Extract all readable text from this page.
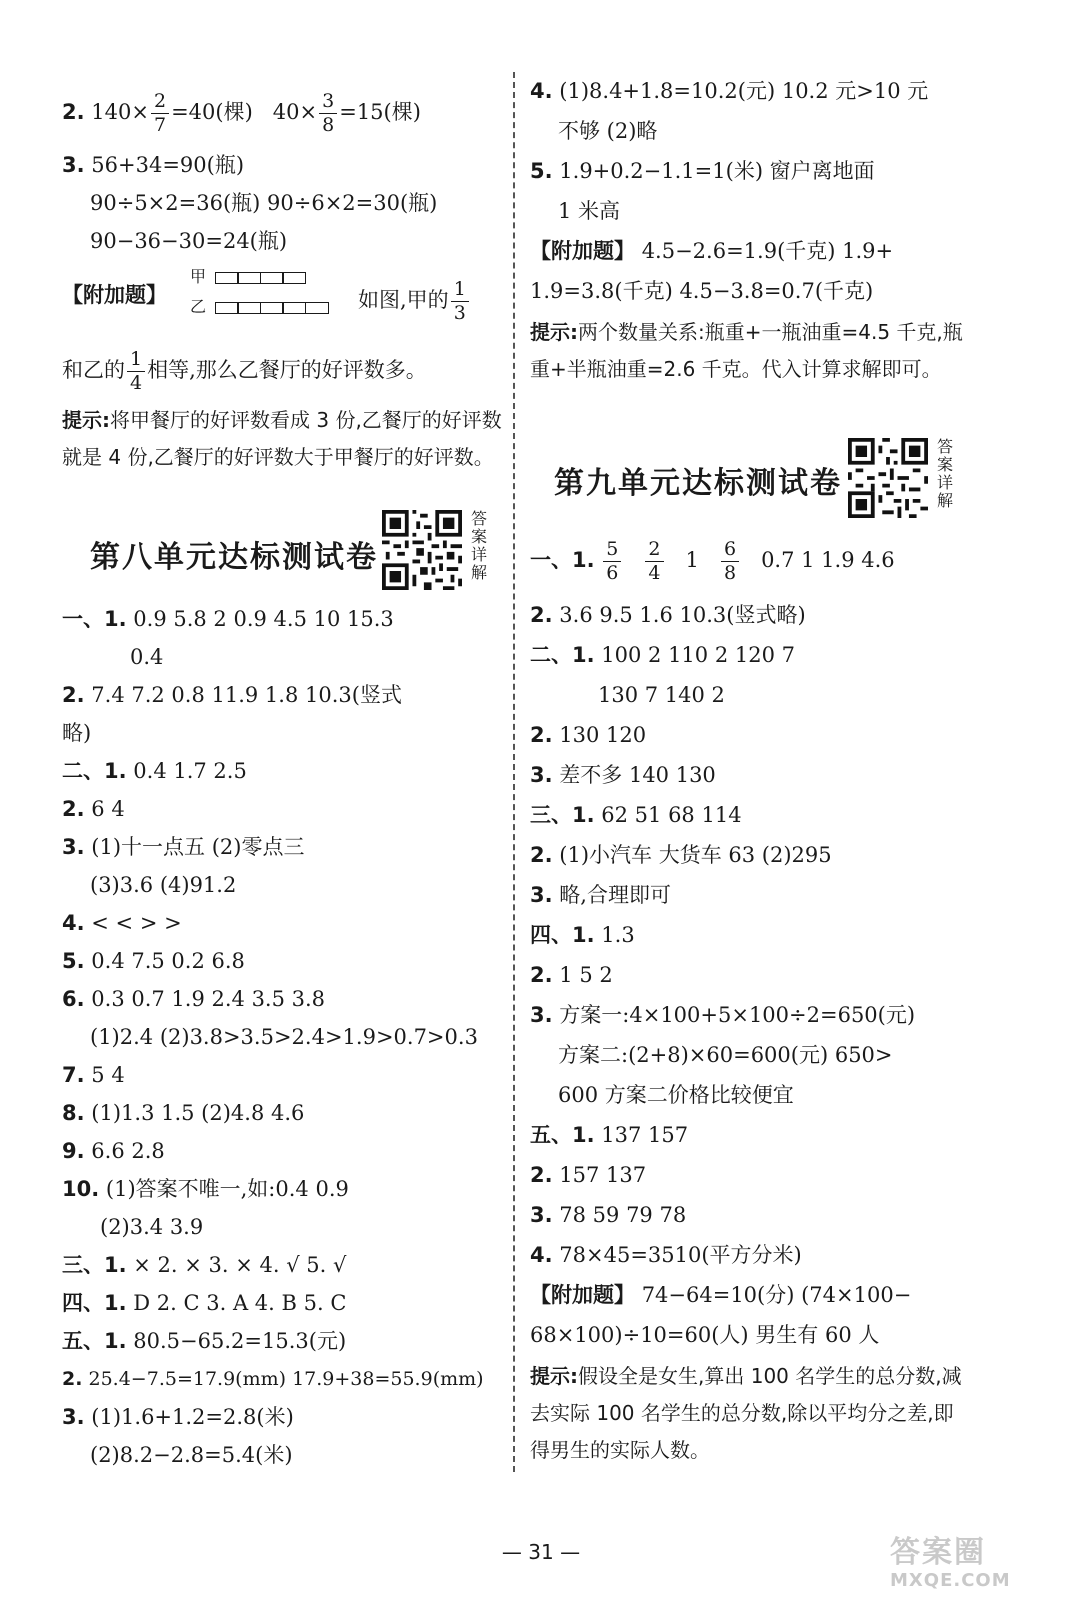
2. $140\times \frac{2}{7} =40$(棵) $40\times \frac{3}{8} =15$(棵)
3. 56+34=90(瓶)
90÷5×2=36(瓶) 90÷6×2=30(瓶)
90−36−30=24(瓶)
【附加题】
甲
乙	如图,甲的 $\frac{1}{3}$
和乙的 $\frac{1}{4}$ 相等,那么乙餐厅的好评数多。
提示:将甲餐厅的好评数看成 3 份,乙餐厅的好评数就是 4 份,乙餐厅的好评数大于甲餐厅的好评数。
第八单元达标测试卷
答案详解
一、1. 0.9 5.8 2 0.9 4.5 10 15.3
0.4
2. 7.4 7.2 0.8 11.9 1.8 10.3(竖式
略)
二、1. 0.4 1.7 2.5
2. 6 4
3. (1)十一点五 (2)零点三
(3)3.6 (4)91.2
4. < < > >
5. 0.4 7.5 0.2 6.8
6. 0.3 0.7 1.9 2.4 3.5 3.8
(1)2.4 (2)3.8>3.5>2.4>1.9>0.7>0.3
7. 5 4
8. (1)1.3 1.5 (2)4.8 4.6
9. 6.6 2.8
10. (1)答案不唯一,如:0.4 0.9
(2)3.4 3.9
三、1. × 2. × 3. × 4. √ 5. √
四、1. D 2. C 3. A 4. B 5. C
五、1. 80.5−65.2=15.3(元)
2. 25.4−7.5=17.9(mm) 17.9+38=55.9(mm)
3. (1)1.6+1.2=2.8(米)
(2)8.2−2.8=5.4(米)
4. (1)8.4+1.8=10.2(元) 10.2 元>10 元
不够 (2)略
5. 1.9+0.2−1.1=1(米) 窗户离地面
1 米高
【附加题】 4.5−2.6=1.9(千克) 1.9+
1.9=3.8(千克) 4.5−3.8=0.7(千克)
提示:两个数量关系:瓶重+一瓶油重=4.5 千克,瓶重+半瓶油重=2.6 千克。代入计算求解即可。
第九单元达标测试卷
答案详解
一、1. $\frac{5}{6}$
$\frac{2}{4} 1 \frac{6}{8} 0.7$ 1 1.9 4.6
2. 3.6 9.5 1.6 10.3(竖式略)
二、1. 100 2 110 2 120 7
130 7 140 2
2. 130 120
3. 差不多 140 130
三、1. 62 51 68 114
2. (1)小汽车 大货车 63 (2)295
3. 略,合理即可
四、1. 1.3
2. 1 5 2
3. 方案一:4×100+5×100÷2=650(元)
方案二:(2+8)×60=600(元) 650>
600 方案二价格比较便宜
五、1. 137 157
2. 157 137
3. 78 59 79 78
4. 78×45=3510(平方分米)
【附加题】 74−64=10(分) (74×100−
68×100)÷10=60(人) 男生有 60 人
提示:假设全是女生,算出 100 名学生的总分数,减去实际 100 名学生的总分数,除以平均分之差,即得男生的实际人数。
— 31 —	答案圈
MXQE.COM
